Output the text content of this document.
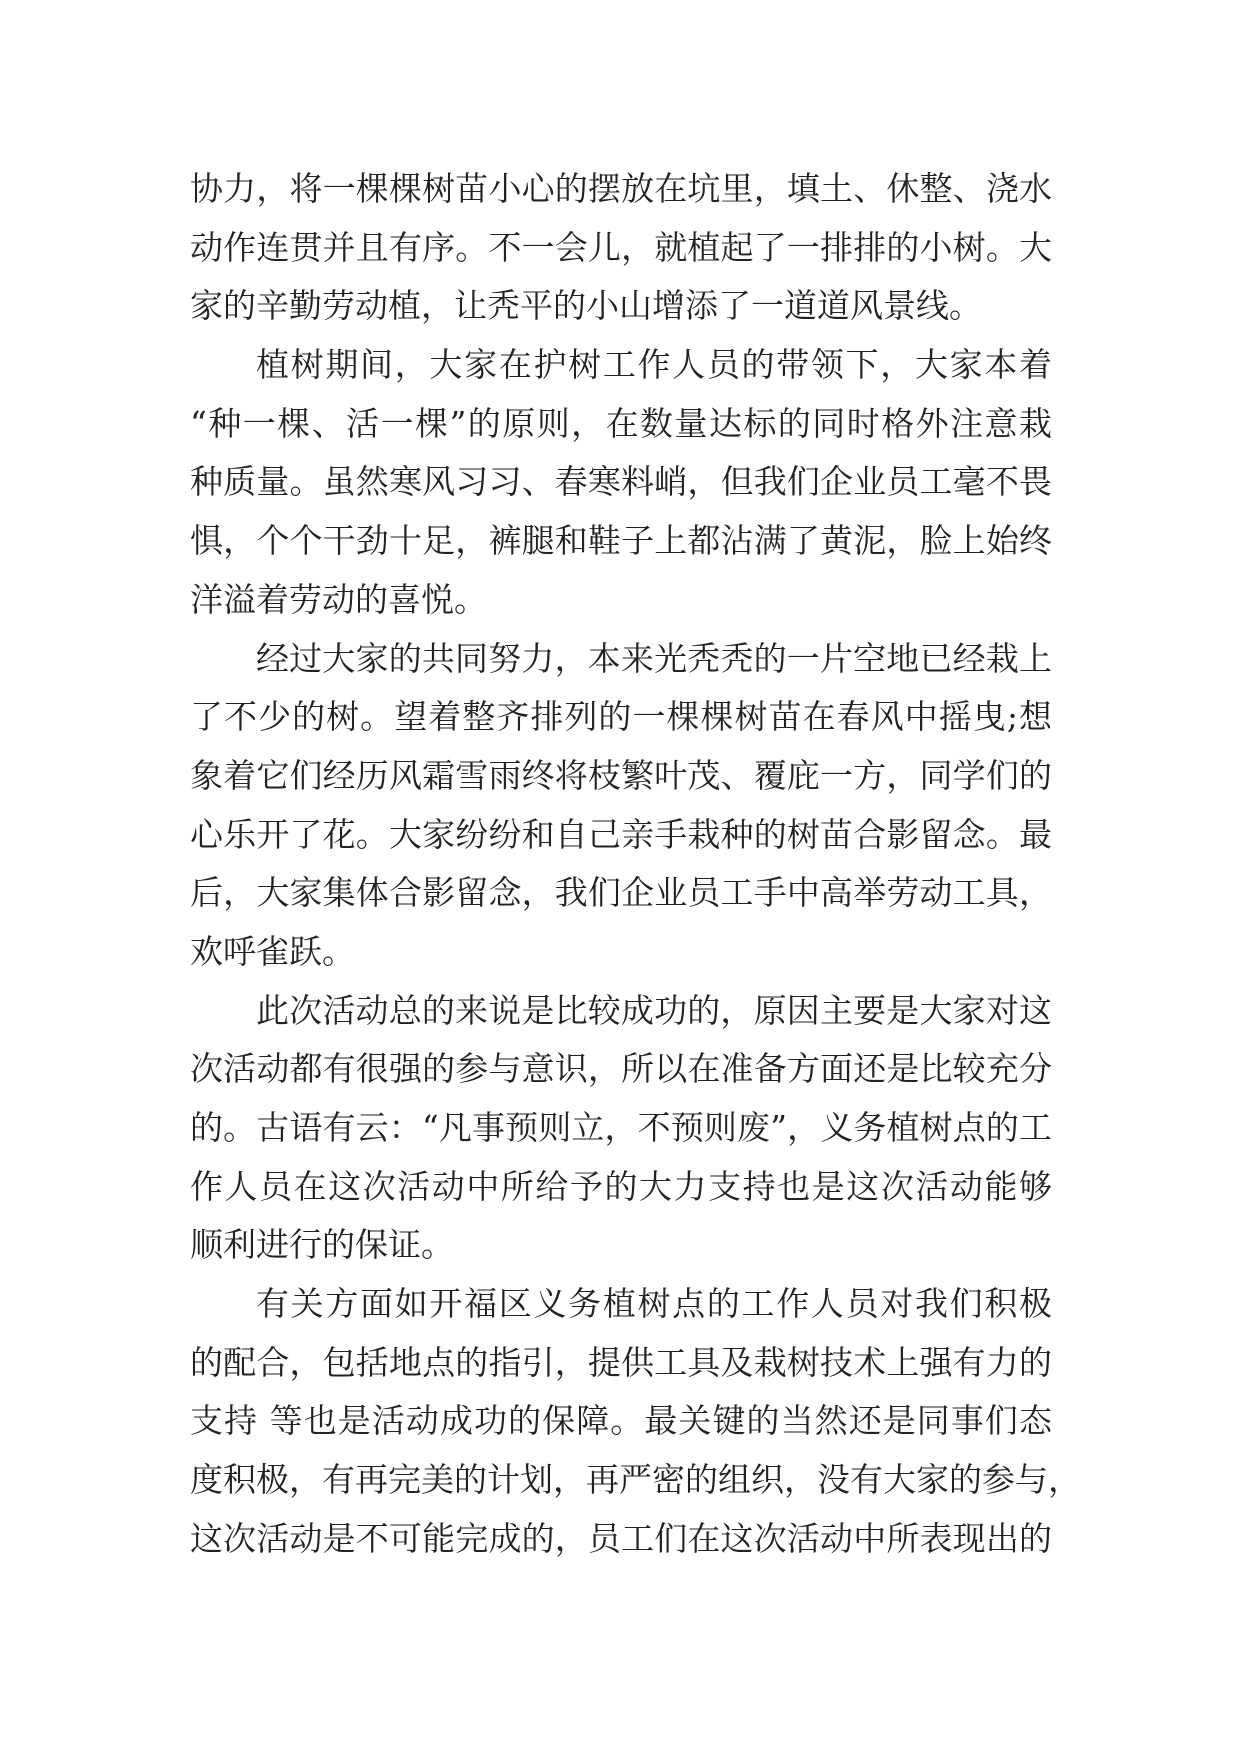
协力，将一棵棵树苗小心的摆放在坑里，填土、休整、浇水
动作连贯并且有序。不一会儿，就植起了一排排的小树。大
家的辛勤劳动植，让秃平的小山增添了一道道风景线。
植树期间，大家在护树工作人员的带领下，大家本着
“种一棵、活一棵”的原则，在数量达标的同时格外注意栽
种质量。虽然寒风习习、春寒料峭，但我们企业员工毫不畏
惧，个个干劲十足，裤腿和鞋子上都沾满了黄泥，脸上始终
洋溢着劳动的喜悦。
经过大家的共同努力，本来光秃秃的一片空地已经栽上
了不少的树。望着整齐排列的一棵棵树苗在春风中摇曳;想
象着它们经历风霜雪雨终将枝繁叶茂、覆庇一方，同学们的
心乐开了花。大家纷纷和自己亲手栽种的树苗合影留念。最
后，大家集体合影留念，我们企业员工手中高举劳动工具，
欢呼雀跃。
此次活动总的来说是比较成功的，原因主要是大家对这
次活动都有很强的参与意识，所以在准备方面还是比较充分
的。古语有云：“凡事预则立，不预则废”，义务植树点的工
作人员在这次活动中所给予的大力支持也是这次活动能够
顺利进行的保证。
有关方面如开福区义务植树点的工作人员对我们积极
的配合，包括地点的指引，提供工具及栽树技术上强有力的
支持 等也是活动成功的保障。最关键的当然还是同事们态
度积极，有再完美的计划，再严密的组织，没有大家的参与，
这次活动是不可能完成的，员工们在这次活动中所表现出的
